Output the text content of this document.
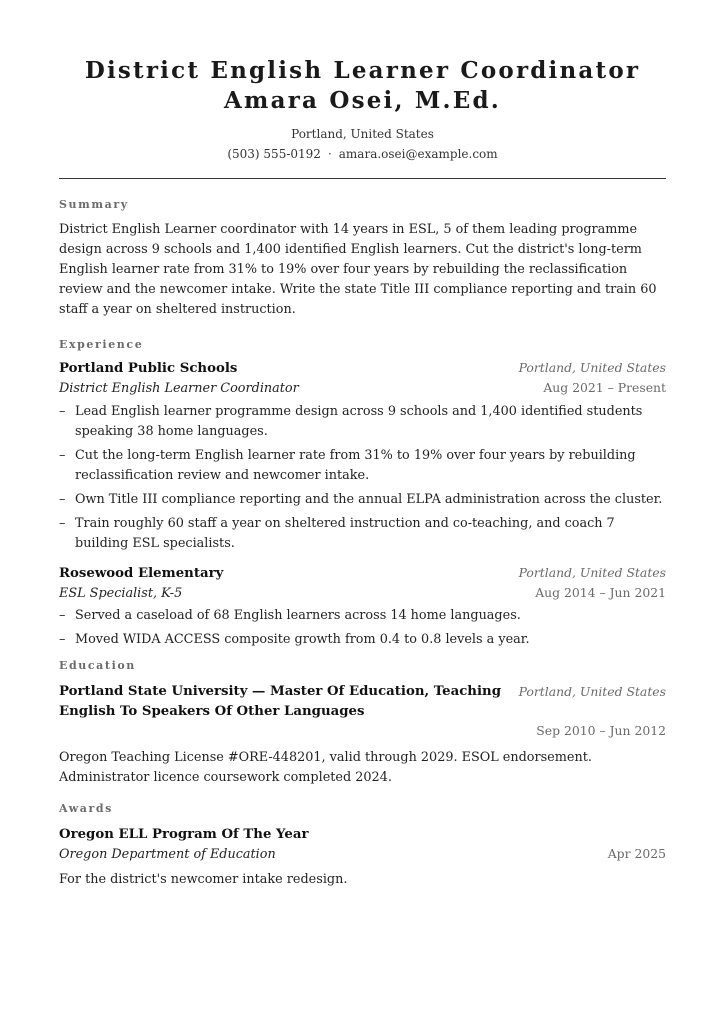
District English Learner Coordinator Amara Osei, M.Ed.
Portland, United States
(503) 555-0192 · amara.osei@example.com
Summary
District English Learner coordinator with 14 years in ESL, 5 of them leading programme design across 9 schools and 1,400 identified English learners. Cut the district's long-term English learner rate from 31% to 19% over four years by rebuilding the reclassification review and the newcomer intake. Write the state Title III compliance reporting and train 60 staff a year on sheltered instruction.
Experience
Portland Public Schools	Portland, United States
District English Learner Coordinator	Aug 2021 – Present
– Lead English learner programme design across 9 schools and 1,400 identified students speaking 38 home languages.
– Cut the long-term English learner rate from 31% to 19% over four years by rebuilding reclassification review and newcomer intake.
– Own Title III compliance reporting and the annual ELPA administration across the cluster.
– Train roughly 60 staff a year on sheltered instruction and co-teaching, and coach 7 building ESL specialists.
Rosewood Elementary	Portland, United States
ESL Specialist, K-5	Aug 2014 – Jun 2021
– Served a caseload of 68 English learners across 14 home languages.
– Moved WIDA ACCESS composite growth from 0.4 to 0.8 levels a year.
Education
Portland State University — Master Of Education, Teaching English To Speakers Of Other Languages
Portland, United States
Sep 2010 – Jun 2012
Oregon Teaching License #ORE-448201, valid through 2029. ESOL endorsement. Administrator licence coursework completed 2024.
Awards
Oregon ELL Program Of The Year
Oregon Department of Education	Apr 2025
For the district's newcomer intake redesign.
